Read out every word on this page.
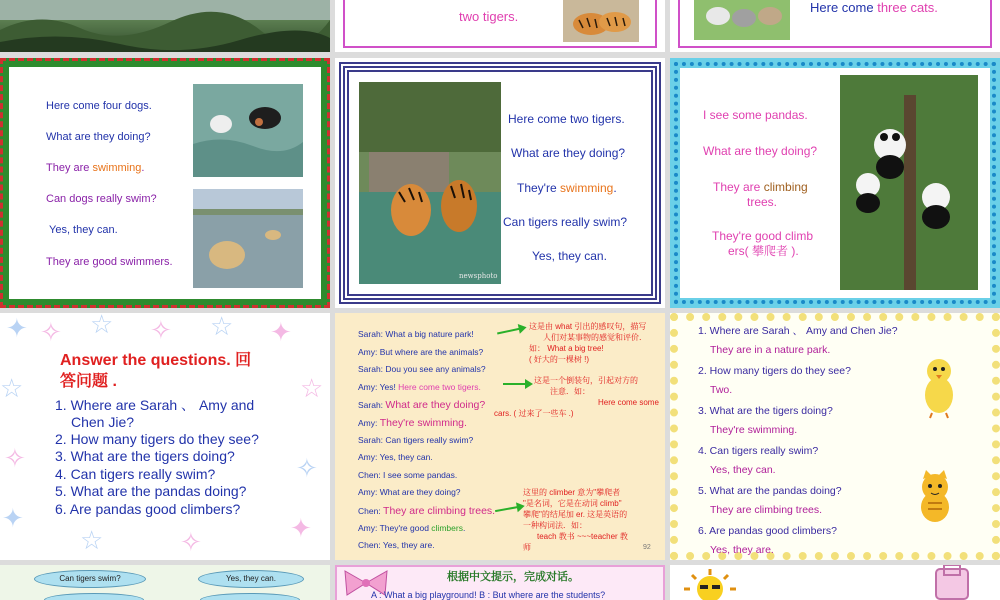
two tigers.
Here come three cats.
Here come four dogs.
What are they doing?
They are swimming.
Can dogs really swim?
Yes, they can.
They are good swimmers.
newsphoto
Here come two tigers.
What are they doing?
They're swimming.
Can tigers really swim?
Yes, they can.
I see some pandas.
What are they doing?
They are climbing
trees.
They're good climb
ers( 攀爬者 ).
✦ ✧ ☆ ✧ ☆ ✦
☆
✧
✦
☆
✧
✦
☆	✧
Answer the questions. 回
答问题 .
1. Where are Sarah 、 Amy and
Chen Jie?
2. How many tigers do they see?
3. What are the tigers doing?
4. Can tigers really swim?
5. What are the pandas doing?
6. Are pandas good climbers?
Sarah: What a big nature park!
Amy: But where are the animals?
Sarah: Dou you see any animals?
Amy: Yes! Here come two tigers.
Sarah: What are they doing?
Amy: They're swimming.
Sarah: Can tigers really swim?
Amy: Yes, they can.
Chen: I see some pandas.
Amy: What are they doing?
Chen: They are climbing trees.
Amy: They're good climbers.
Chen: Yes, they are.
这是由 what 引出的感叹句，描写
人们对某事物的感觉和评价．
如： What a big tree!
( 好大的一棵树 !)
这是一个倒装句，引起对方的
注意．如：
Here come some
cars. ( 过来了一些车 .)
这里的 climber 意为"攀爬者
"是名词，它是在动词 climb"
攀爬"的结尾加 er. 这是英语的
一种构词法．如：
teach 教书 ~~~teacher 教
师	92
1. Where are Sarah 、 Amy and Chen Jie?
They are in a nature park.
2. How many tigers do they see?
Two.
3. What are the tigers doing?
They're swimming.
4. Can tigers really swim?
Yes, they can.
5. What are the pandas doing?
They are climbing trees.
6. Are pandas good climbers?
Yes, they are.
Can tigers swim?	Yes, they can.	根据中文提示，完成对话。
A : What a big playground! B : But where are the students?
